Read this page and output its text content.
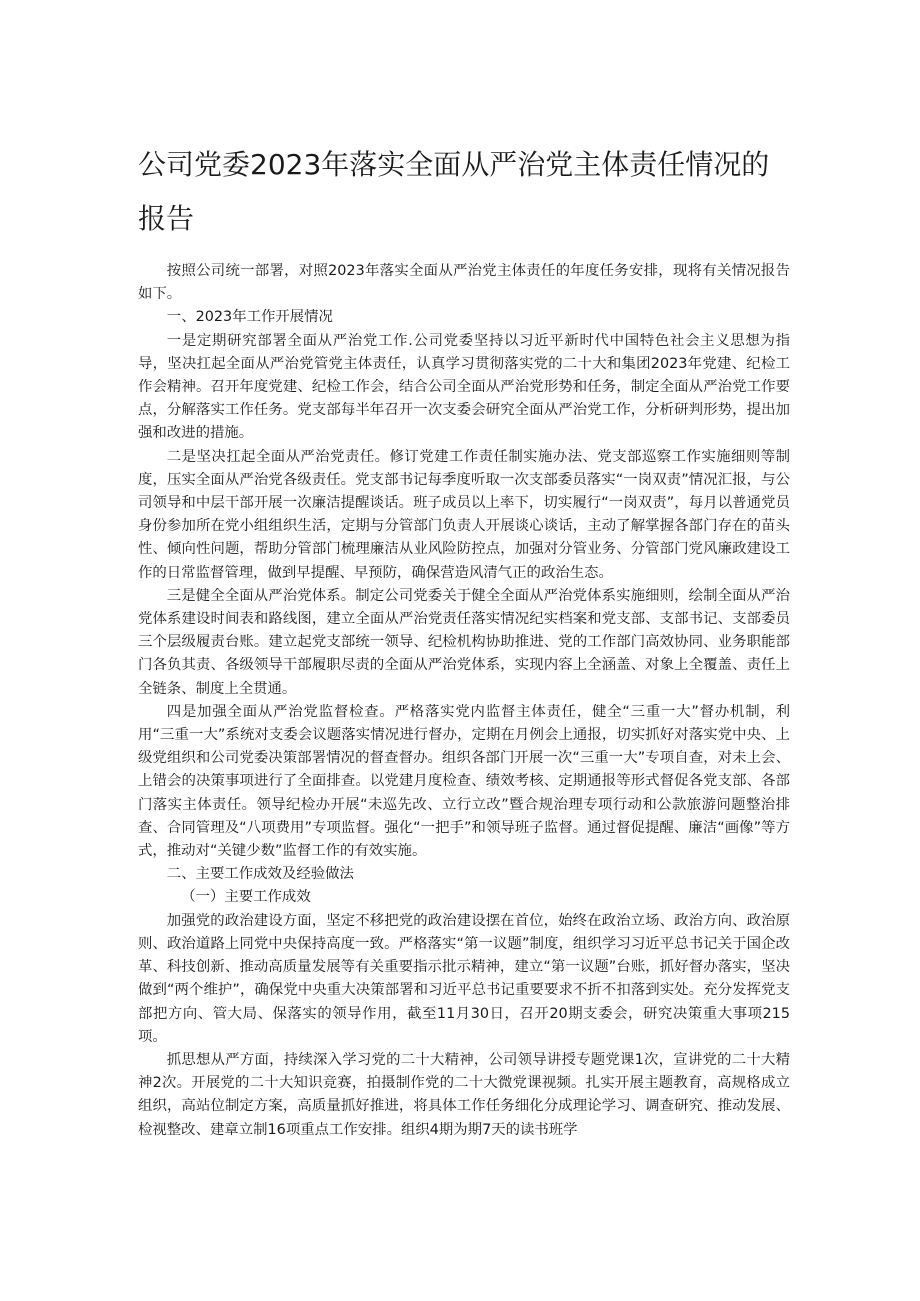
公司党委2023年落实全面从严治党主体责任情况的报告

按照公司统一部署，对照2023年落实全面从严治党主体责任的年度任务安排，现将有关情况报告如下。

一、2023年工作开展情况

一是定期研究部署全面从严治党工作.公司党委坚持以习近平新时代中国特色社会主义思想为指导，坚决扛起全面从严治党管党主体责任，认真学习贯彻落实党的二十大和集团2023年党建、纪检工作会精神。召开年度党建、纪检工作会，结合公司全面从严治党形势和任务，制定全面从严治党工作要点，分解落实工作任务。党支部每半年召开一次支委会研究全面从严治党工作，分析研判形势，提出加强和改进的措施。

二是坚决扛起全面从严治党责任。修订党建工作责任制实施办法、党支部巡察工作实施细则等制度，压实全面从严治党各级责任。党支部书记每季度听取一次支部委员落实“一岗双责”情况汇报，与公司领导和中层干部开展一次廉洁提醒谈话。班子成员以上率下，切实履行“一岗双责”，每月以普通党员身份参加所在党小组组织生活，定期与分管部门负责人开展谈心谈话，主动了解掌握各部门存在的苗头性、倾向性问题，帮助分管部门梳理廉洁从业风险防控点，加强对分管业务、分管部门党风廉政建设工作的日常监督管理，做到早提醒、早预防，确保营造风清气正的政治生态。

三是健全全面从严治党体系。制定公司党委关于健全全面从严治党体系实施细则，绘制全面从严治党体系建设时间表和路线图，建立全面从严治党责任落实情况纪实档案和党支部、支部书记、支部委员三个层级履责台账。建立起党支部统一领导、纪检机构协助推进、党的工作部门高效协同、业务职能部门各负其责、各级领导干部履职尽责的全面从严治党体系，实现内容上全涵盖、对象上全覆盖、责任上全链条、制度上全贯通。

四是加强全面从严治党监督检查。严格落实党内监督主体责任，健全“三重一大”督办机制，利用“三重一大”系统对支委会议题落实情况进行督办，定期在月例会上通报，切实抓好对落实党中央、上级党组织和公司党委决策部署情况的督查督办。组织各部门开展一次“三重一大”专项自查，对未上会、上错会的决策事项进行了全面排查。以党建月度检查、绩效考核、定期通报等形式督促各党支部、各部门落实主体责任。领导纪检办开展“未巡先改、立行立改”暨合规治理专项行动和公款旅游问题整治排查、合同管理及“八项费用”专项监督。强化“一把手”和领导班子监督。通过督促提醒、廉洁“画像”等方式，推动对“关键少数”监督工作的有效实施。

二、主要工作成效及经验做法

（一）主要工作成效

加强党的政治建设方面，坚定不移把党的政治建设摆在首位，始终在政治立场、政治方向、政治原则、政治道路上同党中央保持高度一致。严格落实“第一议题”制度，组织学习习近平总书记关于国企改革、科技创新、推动高质量发展等有关重要指示批示精神，建立“第一议题”台账，抓好督办落实，坚决做到“两个维护”，确保党中央重大决策部署和习近平总书记重要要求不折不扣落到实处。充分发挥党支部把方向、管大局、保落实的领导作用，截至11月30日，召开20期支委会，研究决策重大事项215项。

抓思想从严方面，持续深入学习党的二十大精神，公司领导讲授专题党课1次，宣讲党的二十大精神2次。开展党的二十大知识竞赛，拍摄制作党的二十大微党课视频。扎实开展主题教育，高规格成立组织，高站位制定方案，高质量抓好推进，将具体工作任务细化分成理论学习、调查研究、推动发展、检视整改、建章立制16项重点工作安排。组织4期为期7天的读书班学
